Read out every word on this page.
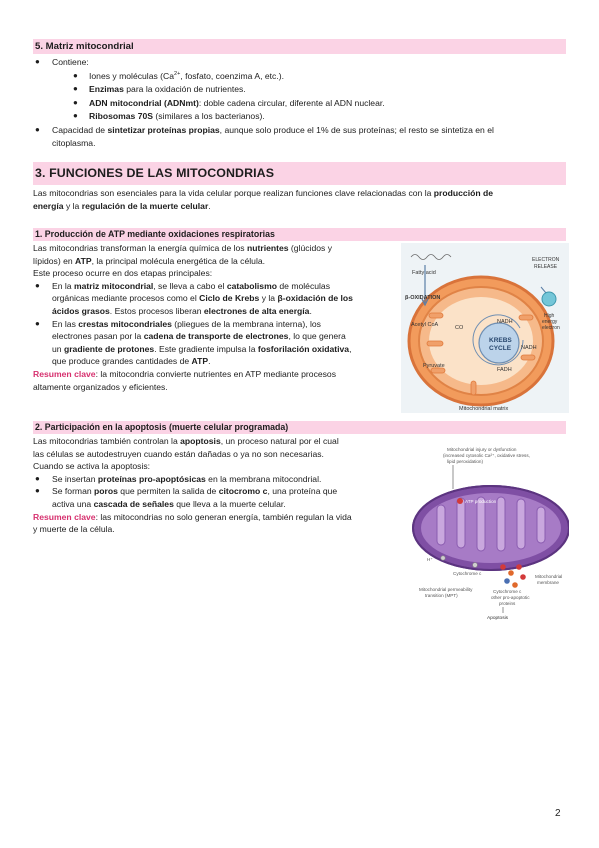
5. Matriz mitocondrial
● Contiene:
● Iones y moléculas ($Ca^{2+}$, fosfato, coenzima A, etc.).
● Enzimas para la oxidación de nutrientes.
● ADN mitocondrial (ADNmt): doble cadena circular, diferente al ADN nuclear.
● Ribosomas 70S (similares a los bacterianos).
● Capacidad de sintetizar proteínas propias, aunque solo produce el 1% de sus proteínas; el resto se sintetiza en el
citoplasma.
3. FUNCIONES DE LAS MITOCONDRIAS
Las mitocondrias son esenciales para la vida celular porque realizan funciones clave relacionadas con la producción de
energía y la regulación de la muerte celular.
1. Producción de ATP mediante oxidaciones respiratorias
Las mitocondrias transforman la energía química de los nutrientes (glúcidos y
lípidos) en ATP, la principal molécula energética de la célula.
Este proceso ocurre en dos etapas principales:
● En la matriz mitocondrial, se lleva a cabo el catabolismo de moléculas
orgánicas mediante procesos como el Ciclo de Krebs y la β-oxidación de los
ácidos grasos. Estos procesos liberan electrones de alta energía.
● En las crestas mitocondriales (pliegues de la membrana interna), los
electrones pasan por la cadena de transporte de electrones, lo que genera
un gradiente de protones. Este gradiente impulsa la fosforilación oxidativa,
que produce grandes cantidades de ATP.
Resumen clave: la mitocondria convierte nutrientes en ATP mediante procesos
altamente organizados y eficientes.
Fatty acid
β-OXIDATION
Acetyl CoA	CO
Pyruvate
KREBS
CYCLE
NADH
NADH
FADH
ELECTRON
RELEASE
High
energy
electron
Mitochondrial matrix
2. Participación en la apoptosis (muerte celular programada)
Las mitocondrias también controlan la apoptosis, un proceso natural por el cual
las células se autodestruyen cuando están dañadas o ya no son necesarias.
Cuando se activa la apoptosis:
● Se insertan proteínas pro-apoptósicas en la membrana mitocondrial.
● Se forman poros que permiten la salida de citocromo c, una proteína que
activa una cascada de señales que lleva a la muerte celular.
Resumen clave: las mitocondrias no solo generan energía, también regulan la vida
y muerte de la célula.
Mitochondrial injury or dysfunction
(increased cytosolic Ca²⁺, oxidative stress,
lipid peroxidation)
ATP production
H⁺
Cytochrome c
Mitochondrial permeability
transition (MPT)
Cytochrome c
other pro-apoptotic
proteins
Mitochondrial
membrane
Apoptosis
2
